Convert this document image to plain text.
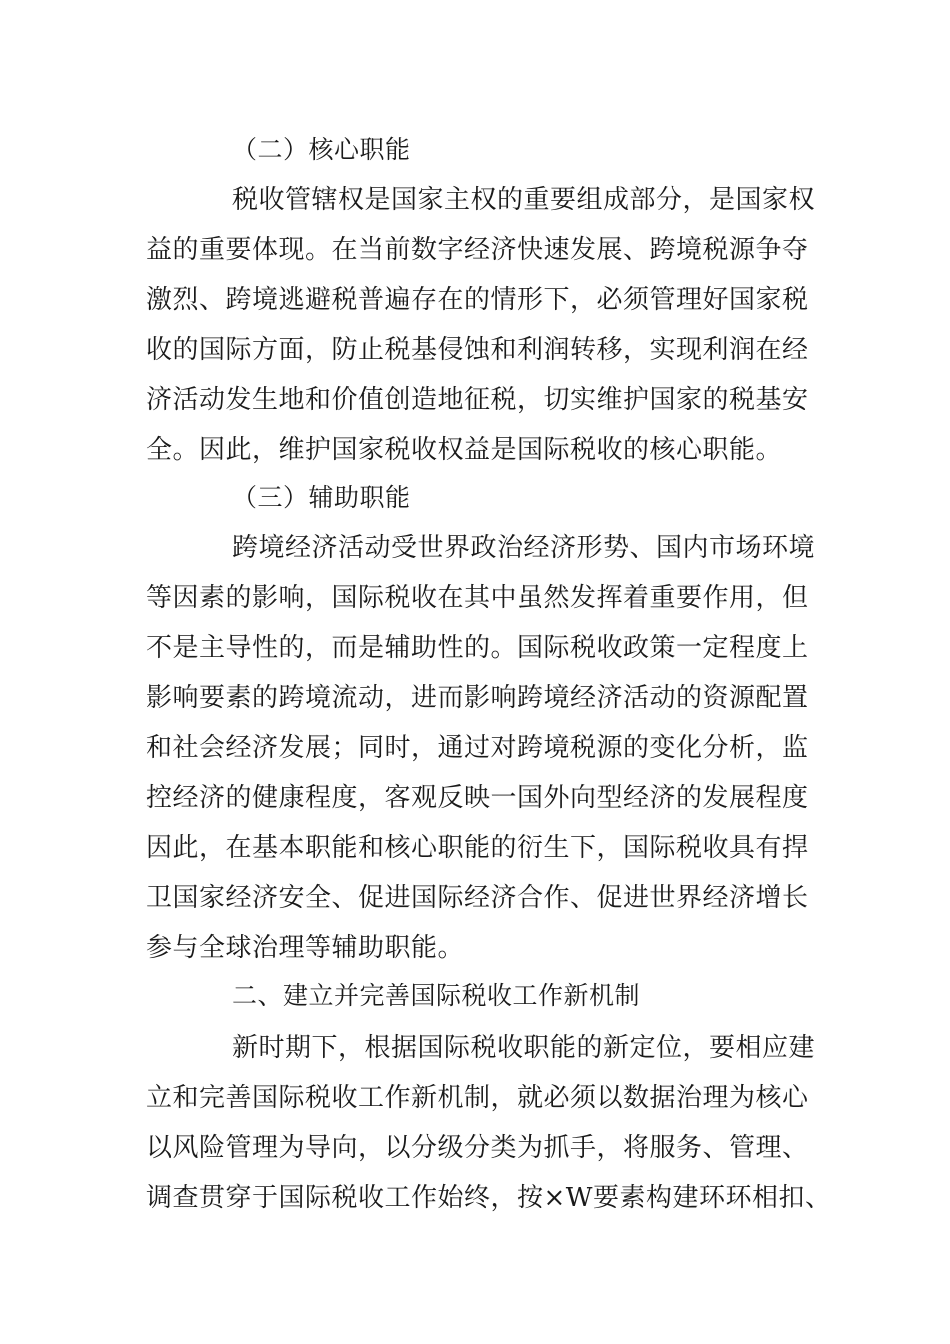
（二）核心职能
税收管辖权是国家主权的重要组成部分，是国家权
益的重要体现。在当前数字经济快速发展、跨境税源争夺
激烈、跨境逃避税普遍存在的情形下，必须管理好国家税
收的国际方面，防止税基侵蚀和利润转移，实现利润在经
济活动发生地和价值创造地征税，切实维护国家的税基安
全。因此，维护国家税收权益是国际税收的核心职能。
（三）辅助职能
跨境经济活动受世界政治经济形势、国内市场环境
等因素的影响，国际税收在其中虽然发挥着重要作用，但
不是主导性的，而是辅助性的。国际税收政策一定程度上
影响要素的跨境流动，进而影响跨境经济活动的资源配置
和社会经济发展；同时，通过对跨境税源的变化分析，监
控经济的健康程度，客观反映一国外向型经济的发展程度
因此，在基本职能和核心职能的衍生下，国际税收具有捍
卫国家经济安全、促进国际经济合作、促进世界经济增长
参与全球治理等辅助职能。
二、建立并完善国际税收工作新机制
新时期下，根据国际税收职能的新定位，要相应建
立和完善国际税收工作新机制，就必须以数据治理为核心
以风险管理为导向，以分级分类为抓手，将服务、管理、
调查贯穿于国际税收工作始终，按×W要素构建环环相扣、
